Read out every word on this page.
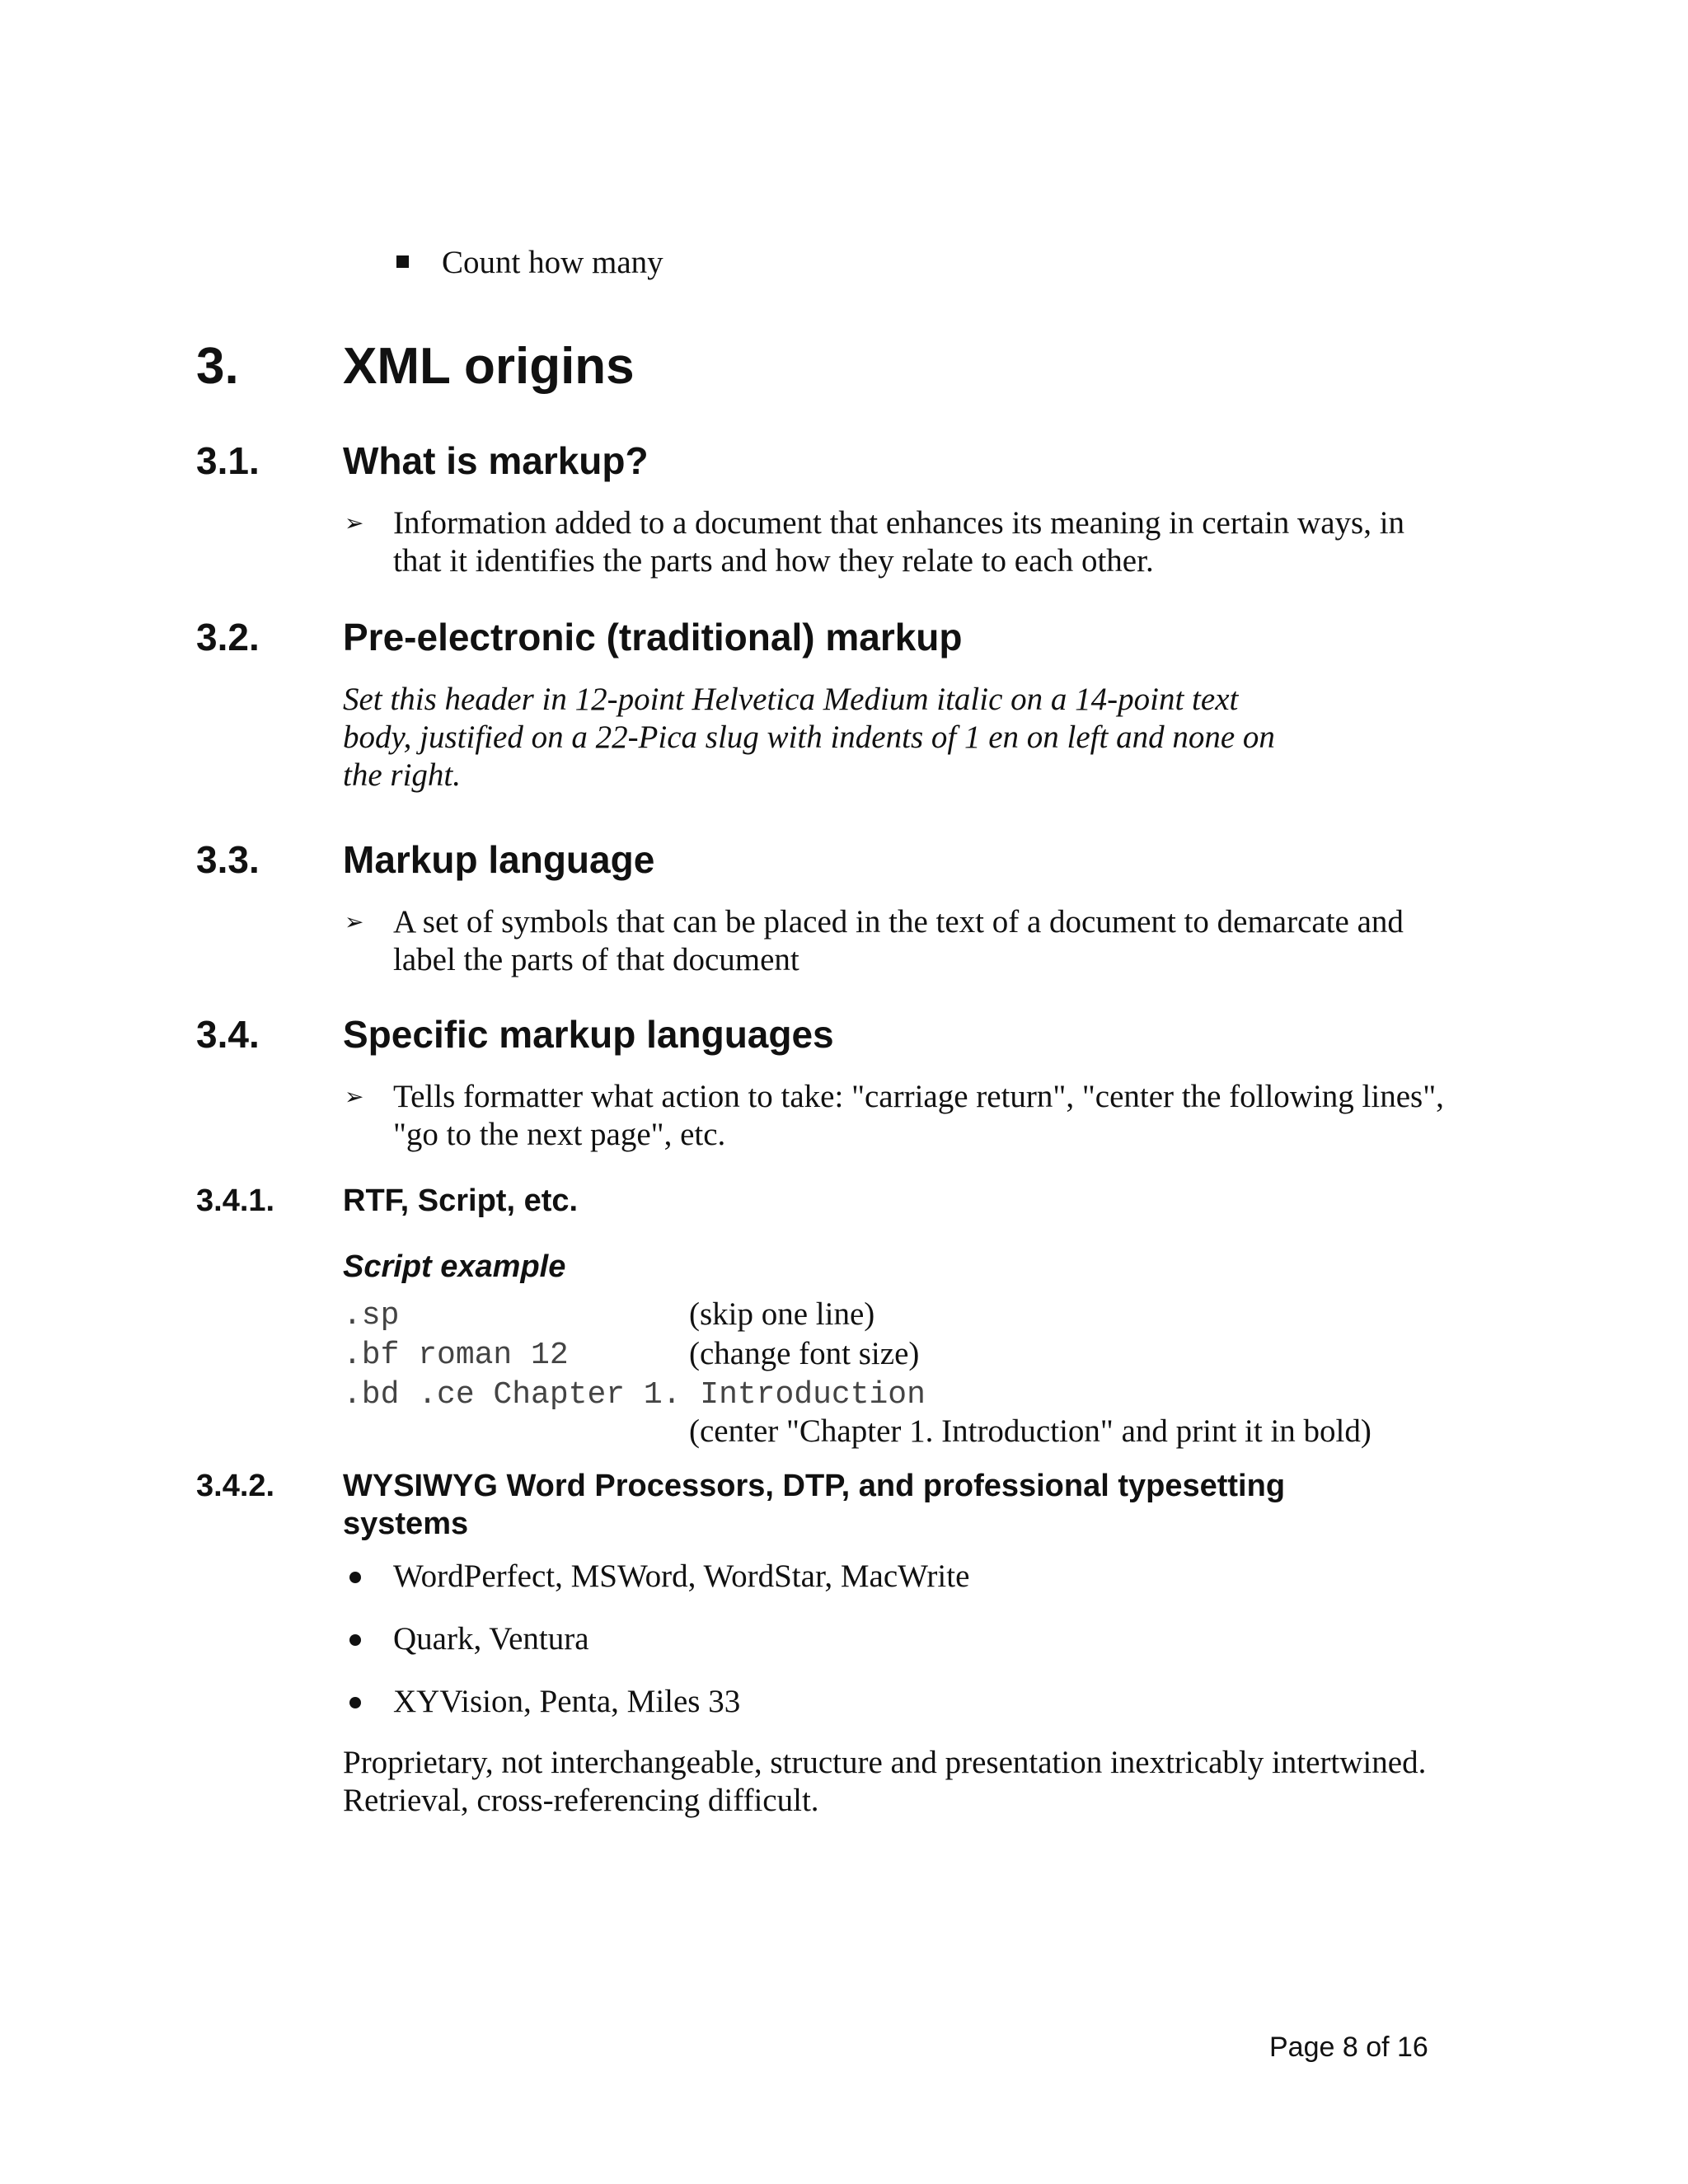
Count how many
3. XML origins
3.1. What is markup?
➢ Information added to a document that enhances its meaning in certain ways, in
that it identifies the parts and how they relate to each other.
3.2. Pre-electronic (traditional) markup
Set this header in 12-point Helvetica Medium italic on a 14-point text
body, justified on a 22-Pica slug with indents of 1 en on left and none on
the right.
3.3. Markup language
➢ A set of symbols that can be placed in the text of a document to demarcate and
label the parts of that document
3.4. Specific markup languages
➢ Tells formatter what action to take: "carriage return", "center the following lines",
"go to the next page", etc.
3.4.1. RTF, Script, etc.
Script example
.sp	(skip one line)
.bf roman 12	(change font size)
.bd .ce Chapter 1. Introduction
(center "Chapter 1. Introduction" and print it in bold)
3.4.2. WYSIWYG Word Processors, DTP, and professional typesetting
systems
WordPerfect, MSWord, WordStar, MacWrite
Quark, Ventura
XYVision, Penta, Miles 33
Proprietary, not interchangeable, structure and presentation inextricably intertwined.
Retrieval, cross-referencing difficult.
Page 8 of 16
